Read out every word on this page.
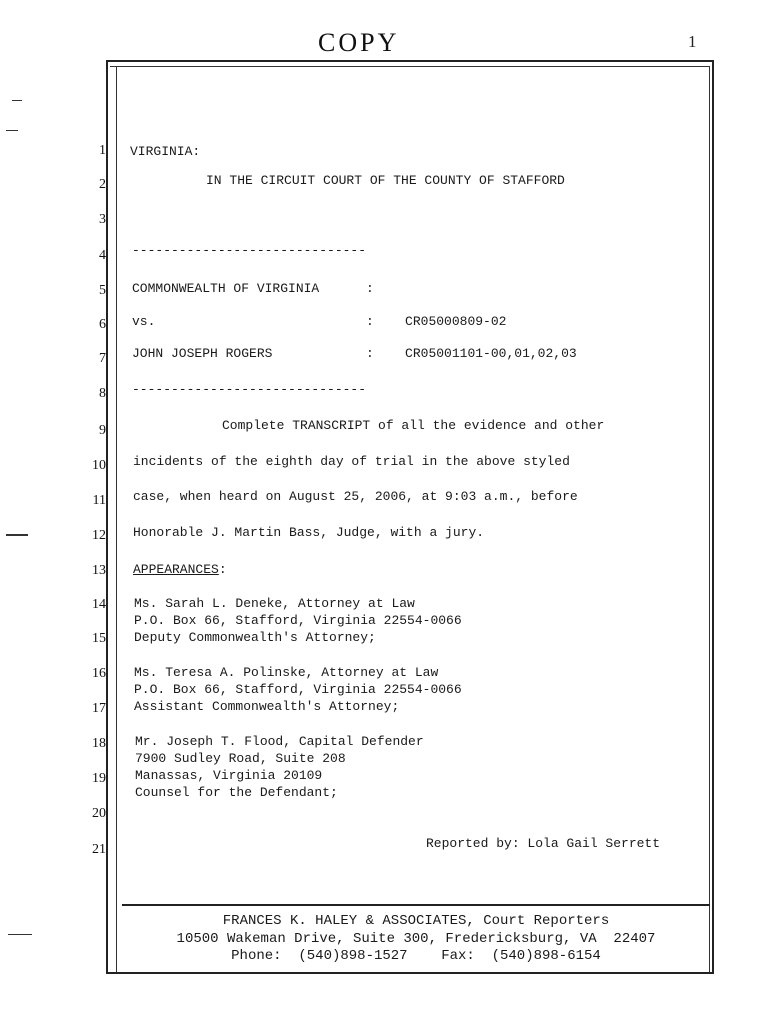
COPY	1
1
2
3
4
5
6
7
8
9
10
11
12
13
14
15
16
17
18
19
20
21
VIRGINIA:
IN THE CIRCUIT COURT OF THE COUNTY OF STAFFORD
------------------------------
COMMONWEALTH OF VIRGINIA      :
vs.                           :    CR05000809-02
JOHN JOSEPH ROGERS            :    CR05001101-00,01,02,03
------------------------------
Complete TRANSCRIPT of all the evidence and other
incidents of the eighth day of trial in the above styled
case, when heard on August 25, 2006, at 9:03 a.m., before
Honorable J. Martin Bass, Judge, with a jury.
APPEARANCES:
Ms. Sarah L. Deneke, Attorney at Law
P.O. Box 66, Stafford, Virginia 22554-0066
Deputy Commonwealth's Attorney;
Ms. Teresa A. Polinske, Attorney at Law
P.O. Box 66, Stafford, Virginia 22554-0066
Assistant Commonwealth's Attorney;
Mr. Joseph T. Flood, Capital Defender
7900 Sudley Road, Suite 208
Manassas, Virginia 20109
Counsel for the Defendant;
Reported by: Lola Gail Serrett
FRANCES K. HALEY & ASSOCIATES, Court Reporters
10500 Wakeman Drive, Suite 300, Fredericksburg, VA  22407
Phone:  (540)898-1527    Fax:  (540)898-6154
